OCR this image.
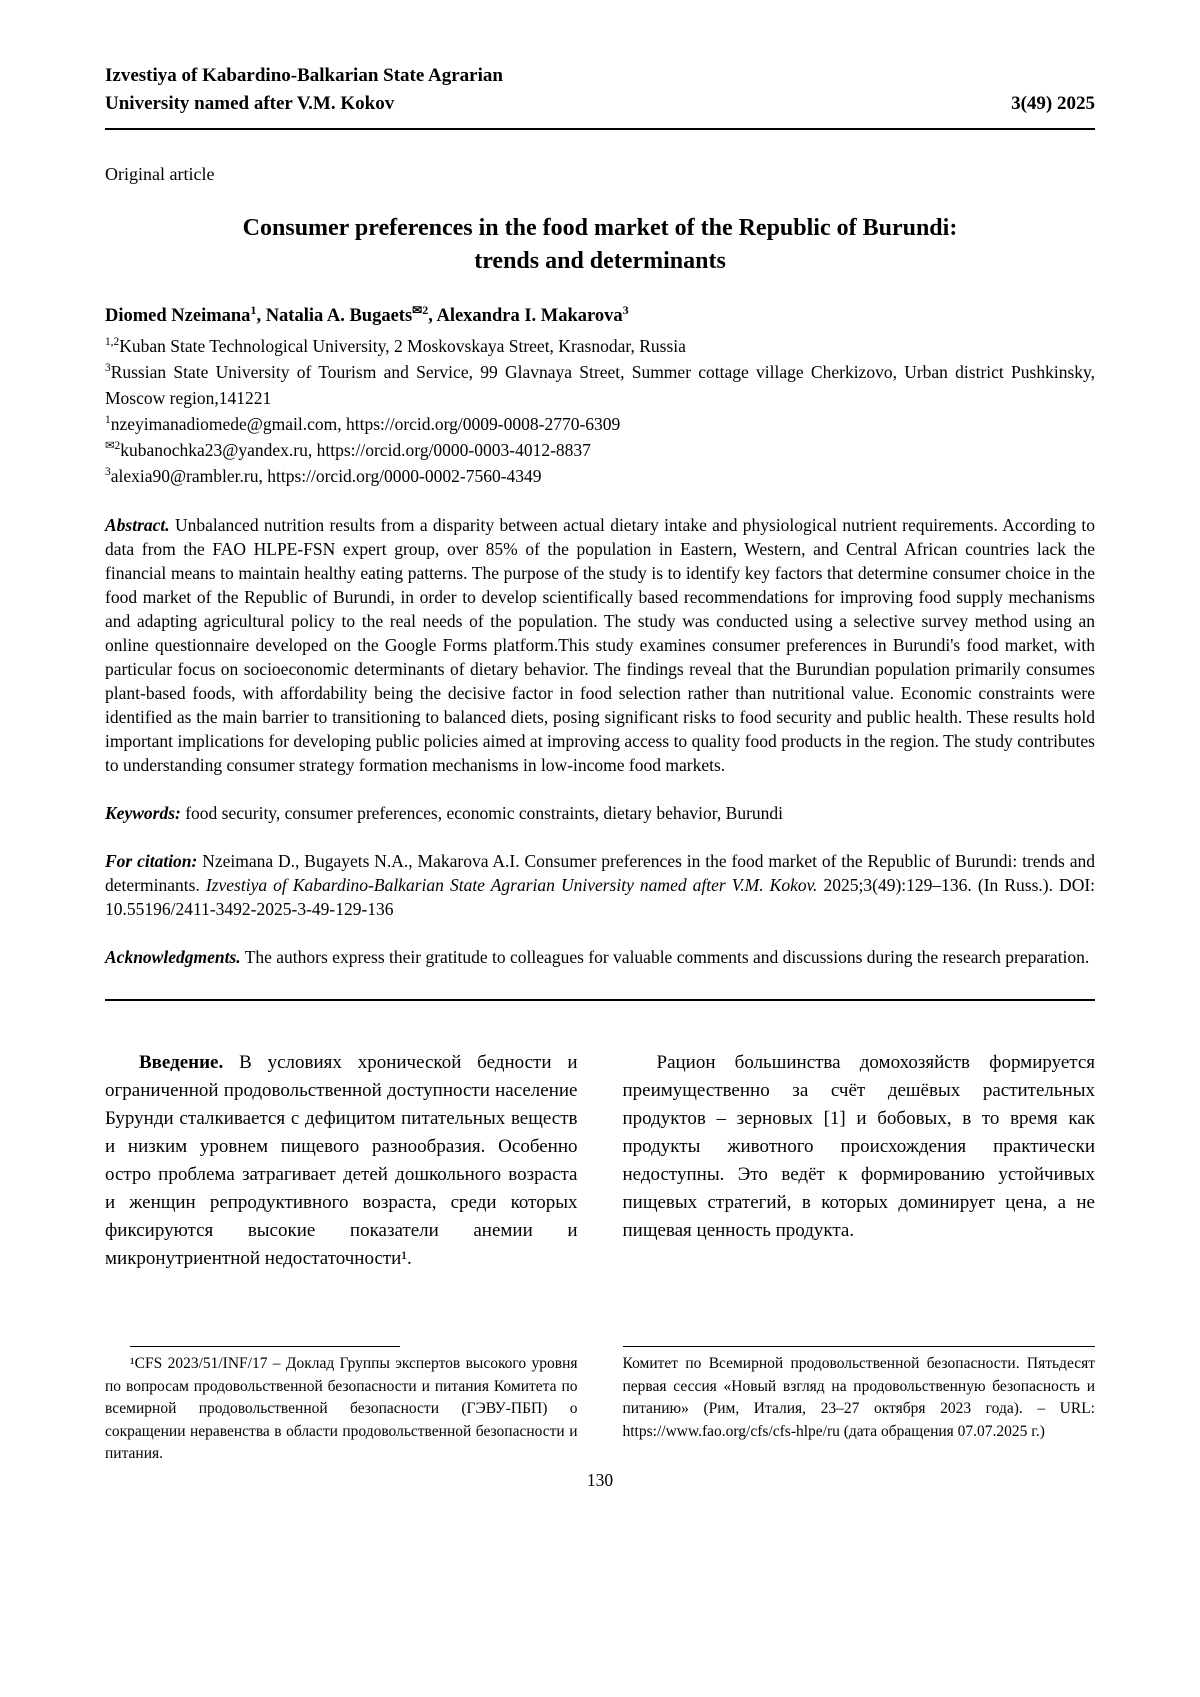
Izvestiya of Kabardino-Balkarian State Agrarian
University named after V.M. Kokov	3(49) 2025

Original article

Consumer preferences in the food market of the Republic of Burundi:
trends and determinants

Diomed Nzeimana$^1$, Natalia A. Bugaets$^{✉2}$, Alexandra I. Makarova$^3$

$^{1,2}$Kuban State Technological University, 2 Moskovskaya Street, Krasnodar, Russia

$^3$Russian State University of Tourism and Service, 99 Glavnaya Street, Summer cottage village Cherkizovo, Urban district Pushkinsky, Moscow region,141221

$^1$nzeyimanadiomede@gmail.com, https://orcid.org/0009-0008-2770-6309

$^{✉2}$kubanochka23@yandex.ru, https://orcid.org/0000-0003-4012-8837

$^3$alexia90@rambler.ru, https://orcid.org/0000-0002-7560-4349

Abstract. Unbalanced nutrition results from a disparity between actual dietary intake and physiological nutrient requirements. According to data from the FAO HLPE-FSN expert group, over 85% of the population in Eastern, Western, and Central African countries lack the financial means to maintain healthy eating patterns. The purpose of the study is to identify key factors that determine consumer choice in the food market of the Republic of Burundi, in order to develop scientifically based recommendations for improving food supply mechanisms and adapting agricultural policy to the real needs of the population. The study was conducted using a selective survey method using an online questionnaire developed on the Google Forms platform.This study examines consumer preferences in Burundi's food market, with particular focus on socioeconomic determinants of dietary behavior. The findings reveal that the Burundian population primarily consumes plant-based foods, with affordability being the decisive factor in food selection rather than nutritional value. Economic constraints were identified as the main barrier to transitioning to balanced diets, posing significant risks to food security and public health. These results hold important implications for developing public policies aimed at improving access to quality food products in the region. The study contributes to understanding consumer strategy formation mechanisms in low-income food markets.

Keywords: food security, consumer preferences, economic constraints, dietary behavior, Burundi

For citation: Nzeimana D., Bugayets N.A., Makarova A.I. Consumer preferences in the food market of the Republic of Burundi: trends and determinants. Izvestiya of Kabardino-Balkarian State Agrarian University named after V.M. Kokov. 2025;3(49):129–136. (In Russ.). DOI: 10.55196/2411-3492-2025-3-49-129-136

Acknowledgments. The authors express their gratitude to colleagues for valuable comments and discussions during the research preparation.

Введение. В условиях хронической бедности и ограниченной продовольственной доступности население Бурунди сталкивается с дефицитом питательных веществ и низким уровнем пищевого разнообразия. Особенно остро проблема затрагивает детей дошкольного возраста и женщин репродуктивного возраста, среди которых фиксируются высокие показатели анемии и микронутриентной недостаточности¹.

Рацион большинства домохозяйств формируется преимущественно за счёт дешёвых растительных продуктов – зерновых [1] и бобовых, в то время как продукты животного происхождения практически недоступны. Это ведёт к формированию устойчивых пищевых стратегий, в которых доминирует цена, а не пищевая ценность продукта.

¹CFS 2023/51/INF/17 – Доклад Группы экспертов высокого уровня по вопросам продовольственной безопасности и питания Комитета по всемирной продовольственной безопасности (ГЭВУ-ПБП) о сокращении неравенства в области продовольственной безопасности и питания.

Комитет по Всемирной продовольственной безопасности. Пятьдесят первая сессия «Новый взгляд на продовольственную безопасность и питанию» (Рим, Италия, 23–27 октября 2023 года). – URL: https://www.fao.org/cfs/cfs-hlpe/ru (дата обращения 07.07.2025 г.)

130
